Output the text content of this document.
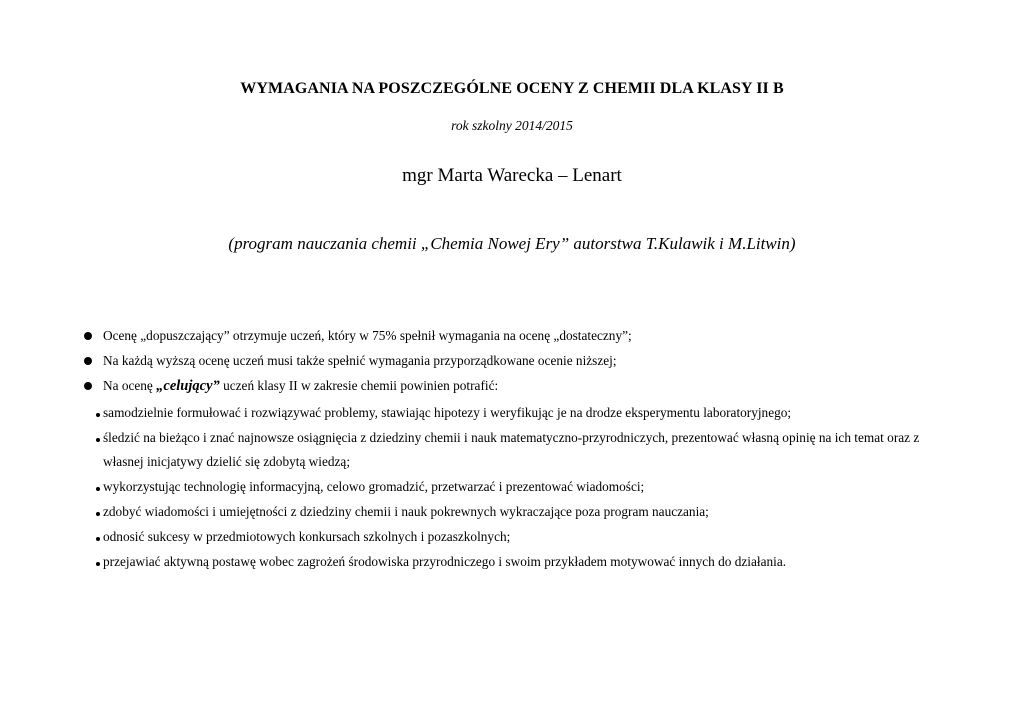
WYMAGANIA NA POSZCZEGÓLNE OCENY Z CHEMII DLA KLASY II B
rok szkolny 2014/2015
mgr Marta Warecka – Lenart
(program nauczania chemii „Chemia Nowej Ery” autorstwa T.Kulawik i M.Litwin)
Ocenę „dopuszczający” otrzymuje uczeń, który w 75% spełnił wymagania na ocenę „dostateczny”;
Na każdą wyższą ocenę uczeń musi także spełnić wymagania przyporządkowane ocenie niższej;
Na ocenę „celujący” uczeń klasy II w zakresie chemii powinien potrafić:
samodzielnie formułować i rozwiązywać problemy, stawiając hipotezy i weryfikując je na drodze eksperymentu laboratoryjnego;
śledzić na bieżąco i znać najnowsze osiągnięcia z dziedziny chemii i nauk matematyczno-przyrodniczych, prezentować własną opinię na ich temat oraz z
własnej inicjatywy dzielić się zdobytą wiedzą;
wykorzystując technologię informacyjną, celowo gromadzić, przetwarzać i prezentować wiadomości;
zdobyć wiadomości i umiejętności z dziedziny chemii i nauk pokrewnych wykraczające poza program nauczania;
odnosić sukcesy w przedmiotowych konkursach szkolnych i pozaszkolnych;
przejawiać aktywną postawę wobec zagrożeń środowiska przyrodniczego i swoim przykładem motywować innych do działania.
